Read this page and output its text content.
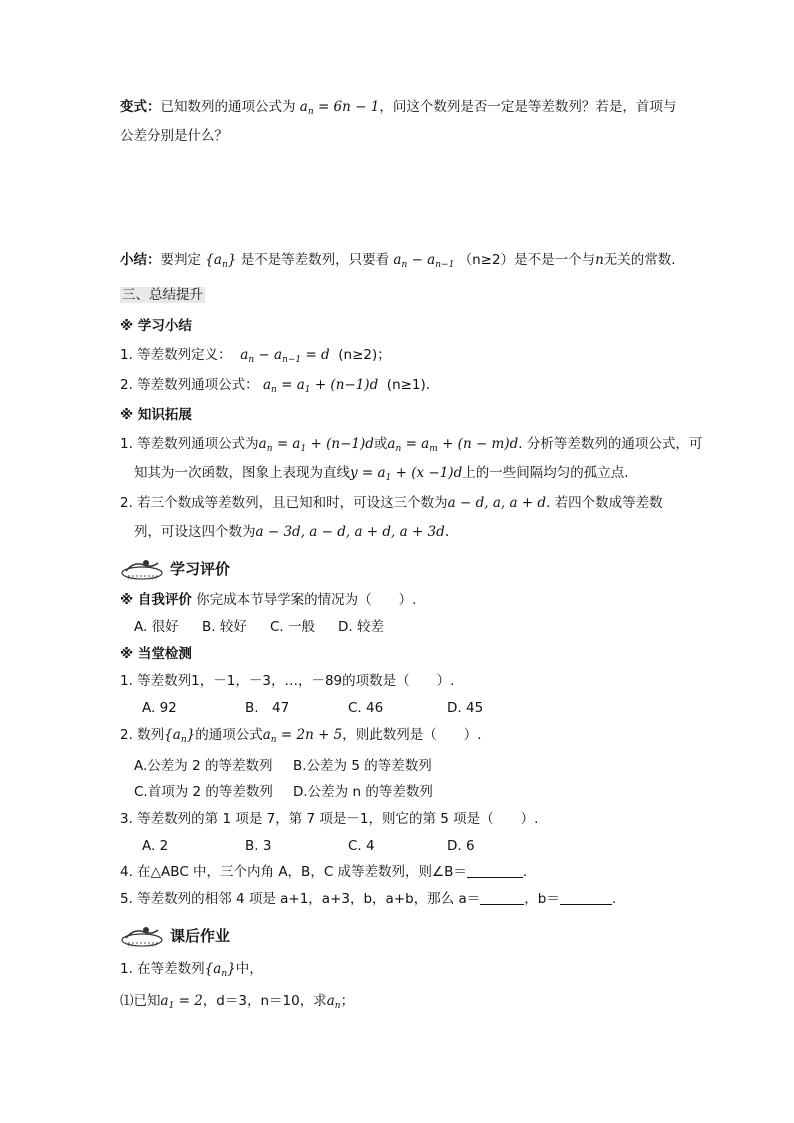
变式：已知数列的通项公式为 $a_n = 6n - 1$，问这个数列是否一定是等差数列？若是，首项与
公差分别是什么？
小结：要判定 $\{a_n\}$ 是不是等差数列，只要看 $a_n - a_{n-1}$ （n≥2）是不是一个与n无关的常数.
三、总结提升
※ 学习小结
1. 等差数列定义：  $a_n - a_{n-1} = d$  (n≥2)；
2. 等差数列通项公式： $a_n = a_1 + (n-1)d$  (n≥1).
※ 知识拓展
1. 等差数列通项公式为$a_n = a_1 + (n-1)d$或$a_n = a_m + (n - m)d$. 分析等差数列的通项公式，可
知其为一次函数，图象上表现为直线$y = a_1 + (x -1)d$上的一些间隔均匀的孤立点.
2. 若三个数成等差数列，且已知和时，可设这三个数为a − d, a, a + d. 若四个数成等差数
列，可设这四个数为a − 3d, a − d, a + d, a + 3d.
学习评价
※ 自我评价 你完成本节导学案的情况为（　　）.
A. 很好 B. 较好 C. 一般 D. 较差
※ 当堂检测
1. 等差数列1，－1，－3，…，－89的项数是（　　）.
A. 92	B.　47	C. 46	D. 45
2. 数列$\{a_n\}$的通项公式$a_n = 2n + 5$，则此数列是（　　）.
A.公差为 2 的等差数列 B.公差为 5 的等差数列
C.首项为 2 的等差数列 D.公差为 n 的等差数列
3. 等差数列的第 1 项是 7，第 7 项是－1，则它的第 5 项是（　　）.
A. 2	B. 3	C. 4	D. 6
4. 在△ABC 中，三个内角 A，B，C 成等差数列，则∠B＝	.
5. 等差数列的相邻 4 项是 a+1，a+3，b，a+b，那么 a＝	，b＝	.
课后作业
1. 在等差数列$\{a_n\}$中，
⑴已知$a_1 = 2$，d＝3，n＝10，求$a_n$；
